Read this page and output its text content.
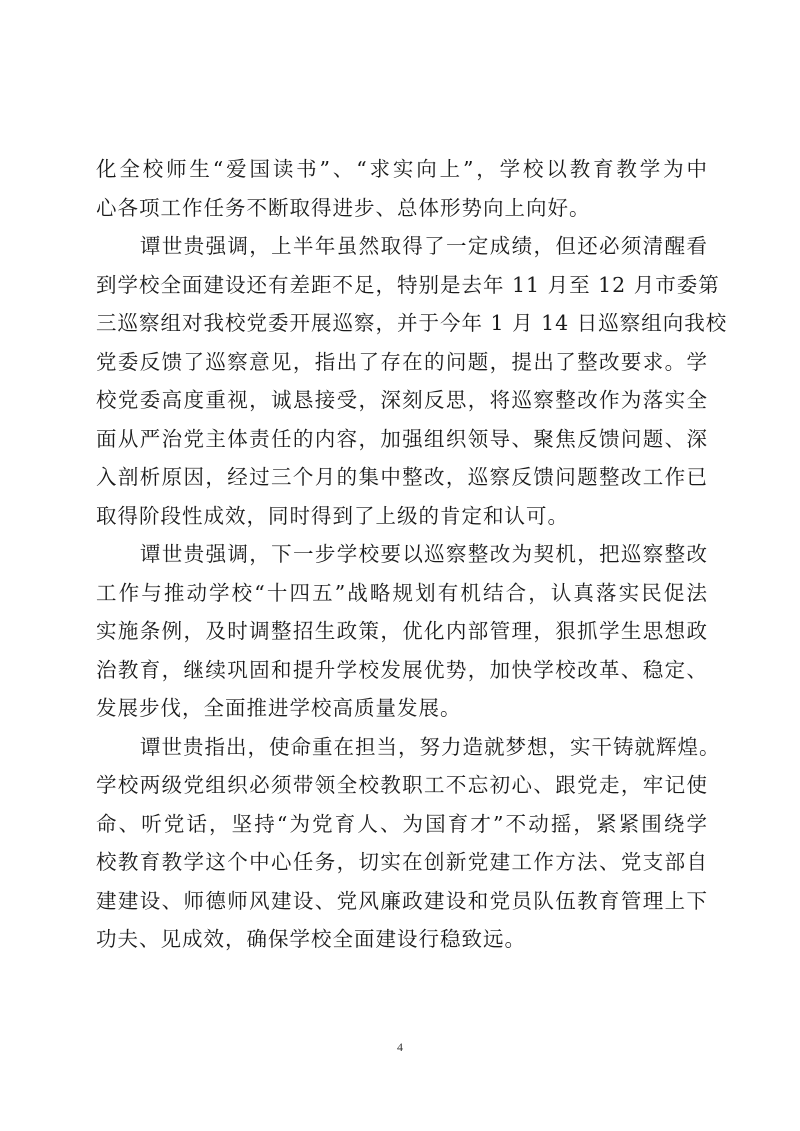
化全校师生“爱国读书”、“求实向上”，学校以教育教学为中
心各项工作任务不断取得进步、总体形势向上向好。
谭世贵强调，上半年虽然取得了一定成绩，但还必须清醒看
到学校全面建设还有差距不足，特别是去年 11 月至 12 月市委第
三巡察组对我校党委开展巡察，并于今年 1 月 14 日巡察组向我校
党委反馈了巡察意见，指出了存在的问题，提出了整改要求。学
校党委高度重视，诚恳接受，深刻反思，将巡察整改作为落实全
面从严治党主体责任的内容，加强组织领导、聚焦反馈问题、深
入剖析原因，经过三个月的集中整改，巡察反馈问题整改工作已
取得阶段性成效，同时得到了上级的肯定和认可。
谭世贵强调，下一步学校要以巡察整改为契机，把巡察整改
工作与推动学校“十四五”战略规划有机结合，认真落实民促法
实施条例，及时调整招生政策，优化内部管理，狠抓学生思想政
治教育，继续巩固和提升学校发展优势，加快学校改革、稳定、
发展步伐，全面推进学校高质量发展。
谭世贵指出，使命重在担当，努力造就梦想，实干铸就辉煌。
学校两级党组织必须带领全校教职工不忘初心、跟党走，牢记使
命、听党话，坚持“为党育人、为国育才”不动摇，紧紧围绕学
校教育教学这个中心任务，切实在创新党建工作方法、党支部自
建建设、师德师风建设、党风廉政建设和党员队伍教育管理上下
功夫、见成效，确保学校全面建设行稳致远。
4
